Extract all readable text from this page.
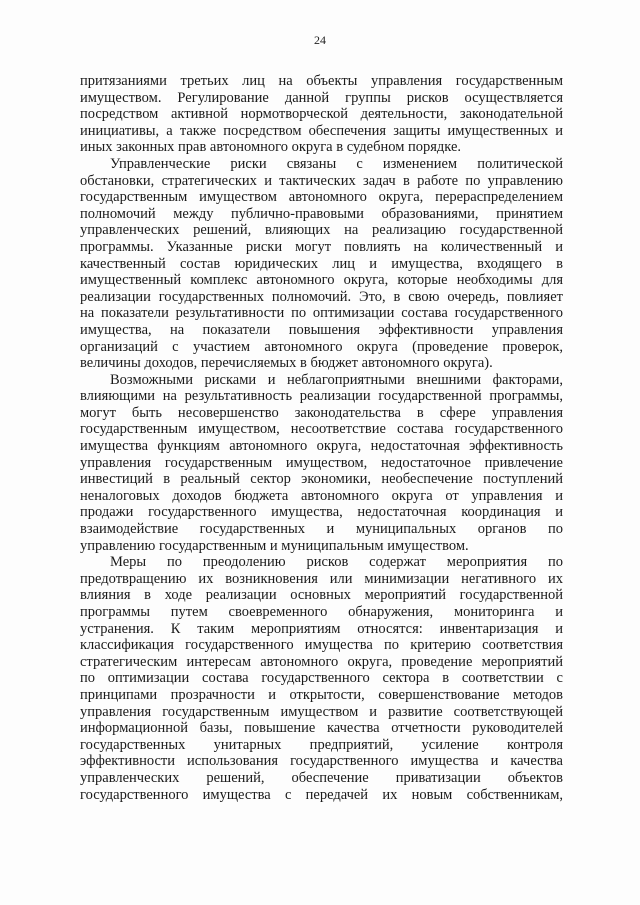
24
притязаниями третьих лиц на объекты управления государственным
имуществом. Регулирование данной группы рисков осуществляется
посредством активной нормотворческой деятельности, законодательной
инициативы, а также посредством обеспечения защиты имущественных и
иных законных прав автономного округа в судебном порядке.
Управленческие риски связаны с изменением политической
обстановки, стратегических и тактических задач в работе по управлению
государственным имуществом автономного округа, перераспределением
полномочий между публично-правовыми образованиями, принятием
управленческих решений, влияющих на реализацию государственной
программы. Указанные риски могут повлиять на количественный и
качественный состав юридических лиц и имущества, входящего в
имущественный комплекс автономного округа, которые необходимы для
реализации государственных полномочий. Это, в свою очередь, повлияет
на показатели результативности по оптимизации состава государственного
имущества, на показатели повышения эффективности управления
организаций с участием автономного округа (проведение проверок,
величины доходов, перечисляемых в бюджет автономного округа).
Возможными рисками и неблагоприятными внешними факторами,
влияющими на результативность реализации государственной программы,
могут быть несовершенство законодательства в сфере управления
государственным имуществом, несоответствие состава государственного
имущества функциям автономного округа, недостаточная эффективность
управления государственным имуществом, недостаточное привлечение
инвестиций в реальный сектор экономики, необеспечение поступлений
неналоговых доходов бюджета автономного округа от управления и
продажи государственного имущества, недостаточная координация и
взаимодействие государственных и муниципальных органов по
управлению государственным и муниципальным имуществом.
Меры по преодолению рисков содержат мероприятия по
предотвращению их возникновения или минимизации негативного их
влияния в ходе реализации основных мероприятий государственной
программы путем своевременного обнаружения, мониторинга и
устранения. К таким мероприятиям относятся: инвентаризация и
классификация государственного имущества по критерию соответствия
стратегическим интересам автономного округа, проведение мероприятий
по оптимизации состава государственного сектора в соответствии с
принципами прозрачности и открытости, совершенствование методов
управления государственным имуществом и развитие соответствующей
информационной базы, повышение качества отчетности руководителей
государственных унитарных предприятий, усиление контроля
эффективности использования государственного имущества и качества
управленческих решений, обеспечение приватизации объектов
государственного имущества с передачей их новым собственникам,
